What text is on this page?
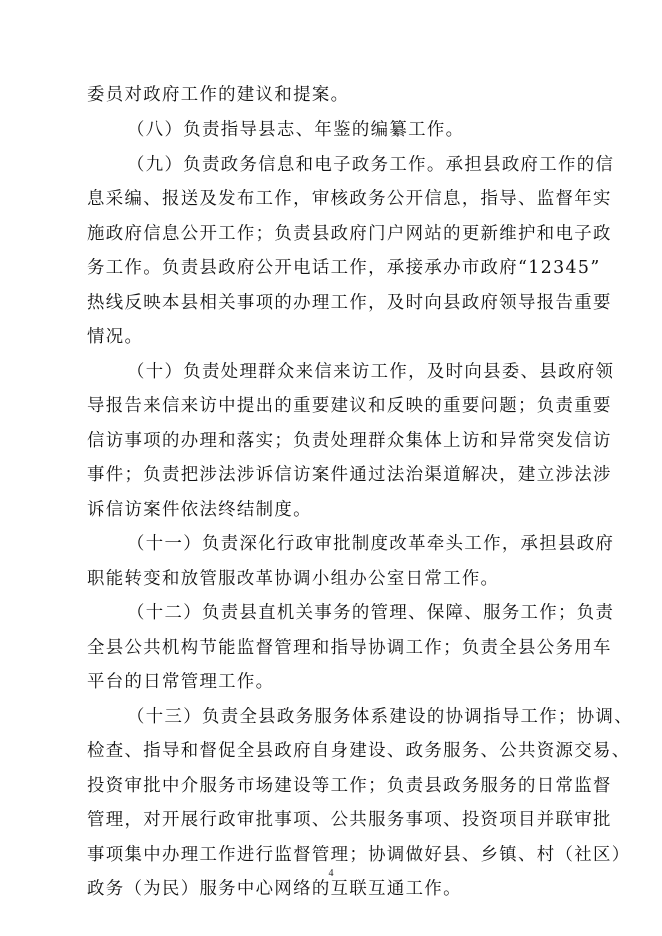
委员对政府工作的建议和提案。
（八）负责指导县志、年鉴的编纂工作。
（九）负责政务信息和电子政务工作。承担县政府工作的信
息采编、报送及发布工作，审核政务公开信息，指导、监督年实
施政府信息公开工作；负责县政府门户网站的更新维护和电子政
务工作。负责县政府公开电话工作，承接承办市政府“12345”
热线反映本县相关事项的办理工作，及时向县政府领导报告重要
情况。
（十）负责处理群众来信来访工作，及时向县委、县政府领
导报告来信来访中提出的重要建议和反映的重要问题；负责重要
信访事项的办理和落实；负责处理群众集体上访和异常突发信访
事件；负责把涉法涉诉信访案件通过法治渠道解决，建立涉法涉
诉信访案件依法终结制度。
（十一）负责深化行政审批制度改革牵头工作，承担县政府
职能转变和放管服改革协调小组办公室日常工作。
（十二）负责县直机关事务的管理、保障、服务工作；负责
全县公共机构节能监督管理和指导协调工作；负责全县公务用车
平台的日常管理工作。
（十三）负责全县政务服务体系建设的协调指导工作；协调、
检查、指导和督促全县政府自身建设、政务服务、公共资源交易、
投资审批中介服务市场建设等工作；负责县政务服务的日常监督
管理，对开展行政审批事项、公共服务事项、投资项目并联审批
事项集中办理工作进行监督管理；协调做好县、乡镇、村（社区）
政务（为民）服务中心网络的互联互通工作。
4
